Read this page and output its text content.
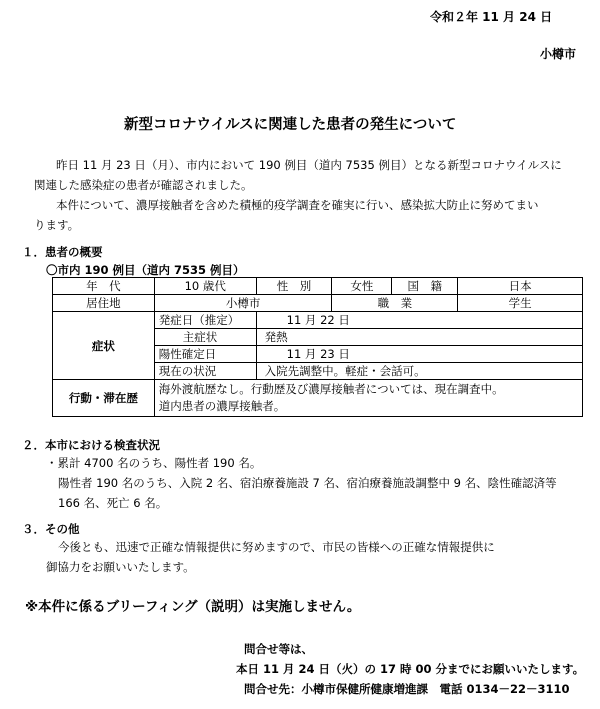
令和２年 11 月 24 日
小樽市
新型コロナウイルスに関連した患者の発生について
昨日 11 月 23 日（月）、市内において 190 例目（道内 7535 例目）となる新型コロナウイルスに
関連した感染症の患者が確認されました。
本件について、濃厚接触者を含めた積極的疫学調査を確実に行い、感染拡大防止に努めてまい
ります。
１．患者の概要
〇市内 190 例目（道内 7535 例目）
年　代	10 歳代	性　別	女性	国　籍	日本
居住地	小樽市		職　業		学生
症状	発症日（推定）	11 月 22 日			
	主症状	発熱			
	陽性確定日	11 月 23 日			
	現在の状況	入院先調整中。軽症・会話可。			
行動・滞在歴	海外渡航歴なし。行動歴及び濃厚接触者については、現在調査中。
道内患者の濃厚接触者。				
２．本市における検査状況
・累計 4700 名のうち、陽性者 190 名。
陽性者 190 名のうち、入院 2 名、宿泊療養施設 7 名、宿泊療養施設調整中 9 名、陰性確認済等
166 名、死亡 6 名。
３．その他
今後とも、迅速で正確な情報提供に努めますので、市民の皆様への正確な情報提供に
御協力をお願いいたします。
※本件に係るブリーフィング（説明）は実施しません。
問合せ等は、
本日 11 月 24 日（火）の 17 時 00 分までにお願いいたします。
問合せ先：小樽市保健所健康増進課　電話 0134－22－3110
